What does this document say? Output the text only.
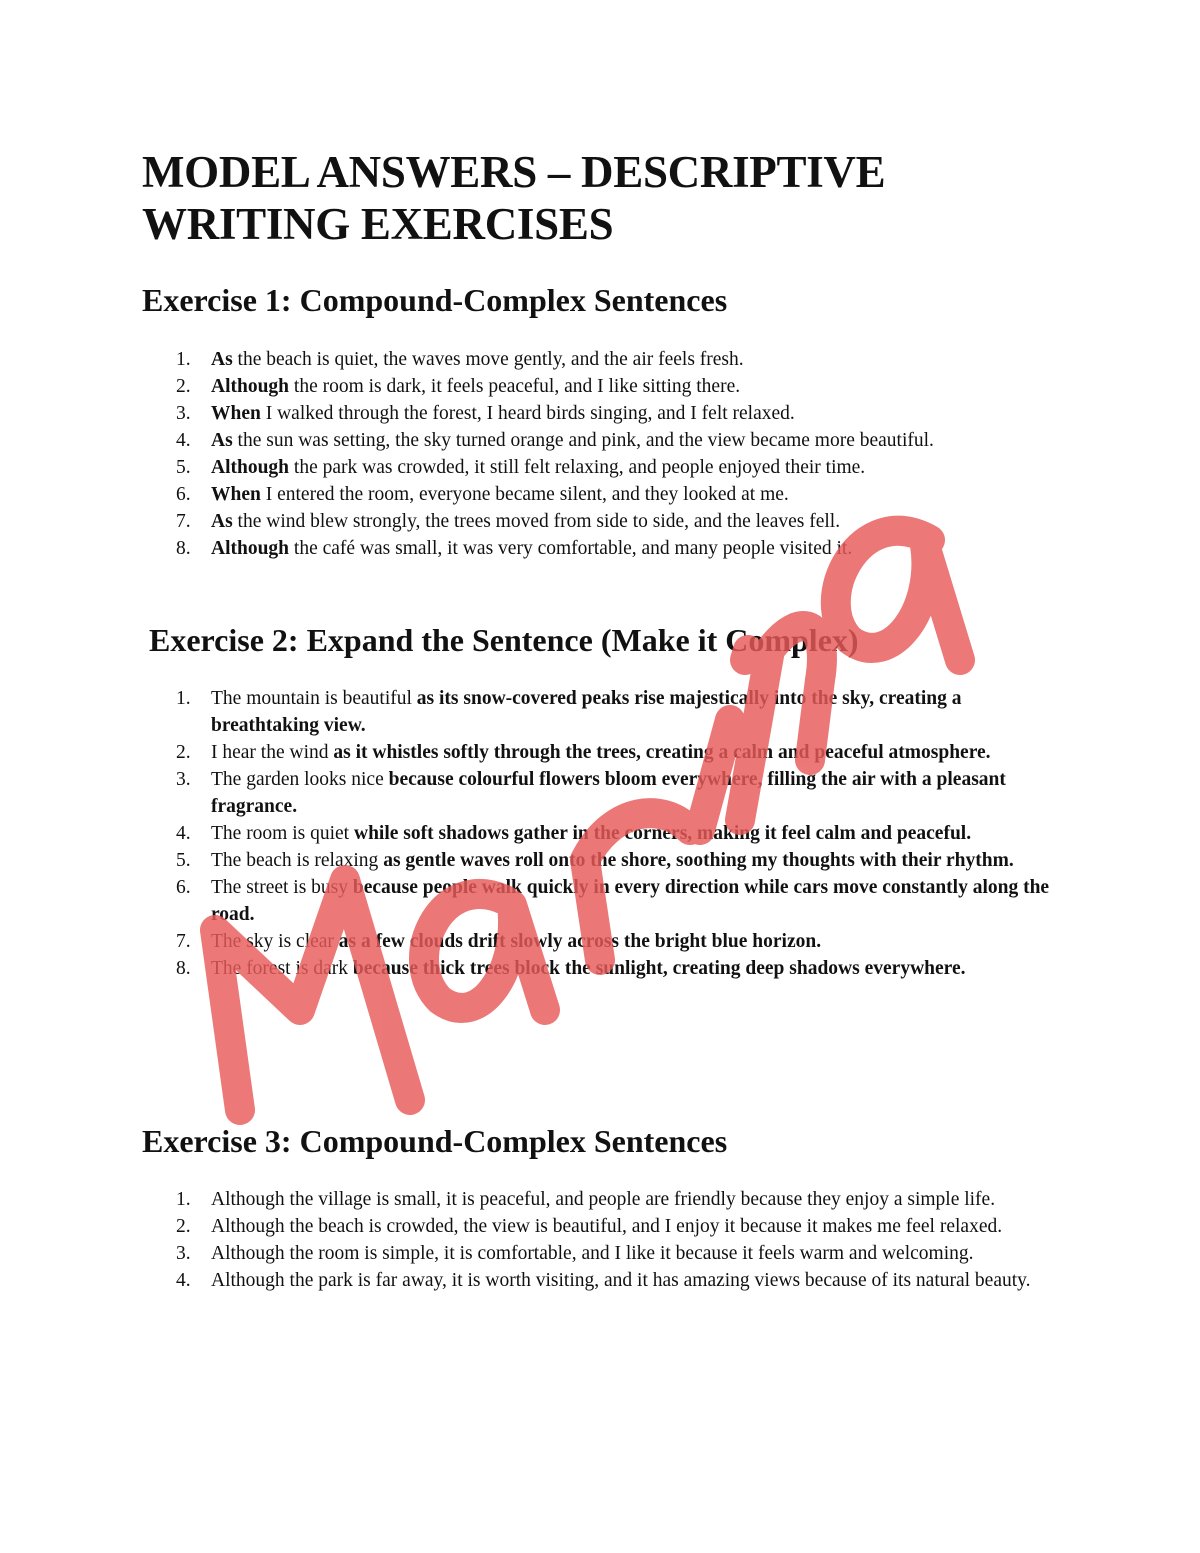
MODEL ANSWERS – DESCRIPTIVE WRITING EXERCISES
Exercise 1: Compound-Complex Sentences
1. As the beach is quiet, the waves move gently, and the air feels fresh.
2. Although the room is dark, it feels peaceful, and I like sitting there.
3. When I walked through the forest, I heard birds singing, and I felt relaxed.
4. As the sun was setting, the sky turned orange and pink, and the view became more beautiful.
5. Although the park was crowded, it still felt relaxing, and people enjoyed their time.
6. When I entered the room, everyone became silent, and they looked at me.
7. As the wind blew strongly, the trees moved from side to side, and the leaves fell.
8. Although the café was small, it was very comfortable, and many people visited it.
Exercise 2: Expand the Sentence (Make it Complex)
1. The mountain is beautiful as its snow-covered peaks rise majestically into the sky, creating a breathtaking view.
2. I hear the wind as it whistles softly through the trees, creating a calm and peaceful atmosphere.
3. The garden looks nice because colourful flowers bloom everywhere, filling the air with a pleasant fragrance.
4. The room is quiet while soft shadows gather in the corners, making it feel calm and peaceful.
5. The beach is relaxing as gentle waves roll onto the shore, soothing my thoughts with their rhythm.
6. The street is busy because people walk quickly in every direction while cars move constantly along the road.
7. The sky is clear as a few clouds drift slowly across the bright blue horizon.
8. The forest is dark because thick trees block the sunlight, creating deep shadows everywhere.
Exercise 3: Compound-Complex Sentences
1. Although the village is small, it is peaceful, and people are friendly because they enjoy a simple life.
2. Although the beach is crowded, the view is beautiful, and I enjoy it because it makes me feel relaxed.
3. Although the room is simple, it is comfortable, and I like it because it feels warm and welcoming.
4. Although the park is far away, it is worth visiting, and it has amazing views because of its natural beauty.
